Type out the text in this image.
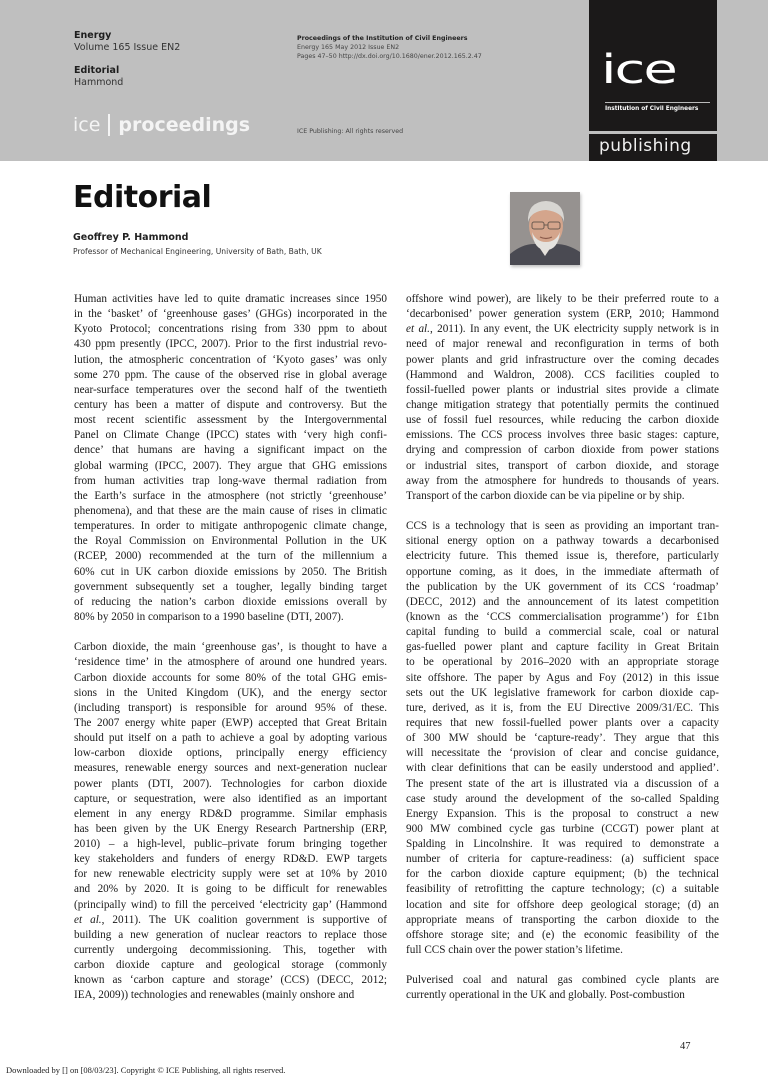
Energy
Volume 165 Issue EN2
Editorial
Hammond
ice proceedings
Proceedings of the Institution of Civil Engineers
Energy 165 May 2012 Issue EN2
Pages 47–50 http://dx.doi.org/10.1680/ener.2012.165.2.47
ICE Publishing: All rights reserved
ice
Institution of Civil Engineers
publishing
Editorial
Geoffrey P. Hammond
Professor of Mechanical Engineering, University of Bath, Bath, UK

Human activities have led to quite dramatic increases since 1950
in the ‘basket’ of ‘greenhouse gases’ (GHGs) incorporated in the
Kyoto Protocol; concentrations rising from 330 ppm to about
430 ppm presently (IPCC, 2007). Prior to the first industrial revo-
lution, the atmospheric concentration of ‘Kyoto gases’ was only
some 270 ppm. The cause of the observed rise in global average
near-surface temperatures over the second half of the twentieth
century has been a matter of dispute and controversy. But the
most recent scientific assessment by the Intergovernmental
Panel on Climate Change (IPCC) states with ‘very high confi-
dence’ that humans are having a significant impact on the
global warming (IPCC, 2007). They argue that GHG emissions
from human activities trap long-wave thermal radiation from
the Earth’s surface in the atmosphere (not strictly ‘greenhouse’
phenomena), and that these are the main cause of rises in climatic
temperatures. In order to mitigate anthropogenic climate change,
the Royal Commission on Environmental Pollution in the UK
(RCEP, 2000) recommended at the turn of the millennium a
60% cut in UK carbon dioxide emissions by 2050. The British
government subsequently set a tougher, legally binding target
of reducing the nation’s carbon dioxide emissions overall by
80% by 2050 in comparison to a 1990 baseline (DTI, 2007).

Carbon dioxide, the main ‘greenhouse gas’, is thought to have a
‘residence time’ in the atmosphere of around one hundred years.
Carbon dioxide accounts for some 80% of the total GHG emis-
sions in the United Kingdom (UK), and the energy sector
(including transport) is responsible for around 95% of these.
The 2007 energy white paper (EWP) accepted that Great Britain
should put itself on a path to achieve a goal by adopting various
low-carbon dioxide options, principally energy efficiency
measures, renewable energy sources and next-generation nuclear
power plants (DTI, 2007). Technologies for carbon dioxide
capture, or sequestration, were also identified as an important
element in any energy RD&D programme. Similar emphasis
has been given by the UK Energy Research Partnership (ERP,
2010) – a high-level, public–private forum bringing together
key stakeholders and funders of energy RD&D. EWP targets
for new renewable electricity supply were set at 10% by 2010
and 20% by 2020. It is going to be difficult for renewables
(principally wind) to fill the perceived ‘electricity gap’ (Hammond
et al., 2011). The UK coalition government is supportive of
building a new generation of nuclear reactors to replace those
currently undergoing decommissioning. This, together with
carbon dioxide capture and geological storage (commonly
known as ‘carbon capture and storage’ (CCS) (DECC, 2012;
IEA, 2009)) technologies and renewables (mainly onshore and

offshore wind power), are likely to be their preferred route to a
‘decarbonised’ power generation system (ERP, 2010; Hammond
et al., 2011). In any event, the UK electricity supply network is in
need of major renewal and reconfiguration in terms of both
power plants and grid infrastructure over the coming decades
(Hammond and Waldron, 2008). CCS facilities coupled to
fossil-fuelled power plants or industrial sites provide a climate
change mitigation strategy that potentially permits the continued
use of fossil fuel resources, while reducing the carbon dioxide
emissions. The CCS process involves three basic stages: capture,
drying and compression of carbon dioxide from power stations
or industrial sites, transport of carbon dioxide, and storage
away from the atmosphere for hundreds to thousands of years.
Transport of the carbon dioxide can be via pipeline or by ship.

CCS is a technology that is seen as providing an important tran-
sitional energy option on a pathway towards a decarbonised
electricity future. This themed issue is, therefore, particularly
opportune coming, as it does, in the immediate aftermath of
the publication by the UK government of its CCS ‘roadmap’
(DECC, 2012) and the announcement of its latest competition
(known as the ‘CCS commercialisation programme’) for £1bn
capital funding to build a commercial scale, coal or natural
gas-fuelled power plant and capture facility in Great Britain
to be operational by 2016–2020 with an appropriate storage
site offshore. The paper by Agus and Foy (2012) in this issue
sets out the UK legislative framework for carbon dioxide cap-
ture, derived, as it is, from the EU Directive 2009/31/EC. This
requires that new fossil-fuelled power plants over a capacity
of 300 MW should be ‘capture-ready’. They argue that this
will necessitate the ‘provision of clear and concise guidance,
with clear definitions that can be easily understood and applied’.
The present state of the art is illustrated via a discussion of a
case study around the development of the so-called Spalding
Energy Expansion. This is the proposal to construct a new
900 MW combined cycle gas turbine (CCGT) power plant at
Spalding in Lincolnshire. It was required to demonstrate a
number of criteria for capture-readiness: (a) sufficient space
for the carbon dioxide capture equipment; (b) the technical
feasibility of retrofitting the capture technology; (c) a suitable
location and site for offshore deep geological storage; (d) an
appropriate means of transporting the carbon dioxide to the
offshore storage site; and (e) the economic feasibility of the
full CCS chain over the power station’s lifetime.

Pulverised coal and natural gas combined cycle plants are
currently operational in the UK and globally. Post-combustion

47
Downloaded by [] on [08/03/23]. Copyright © ICE Publishing, all rights reserved.
